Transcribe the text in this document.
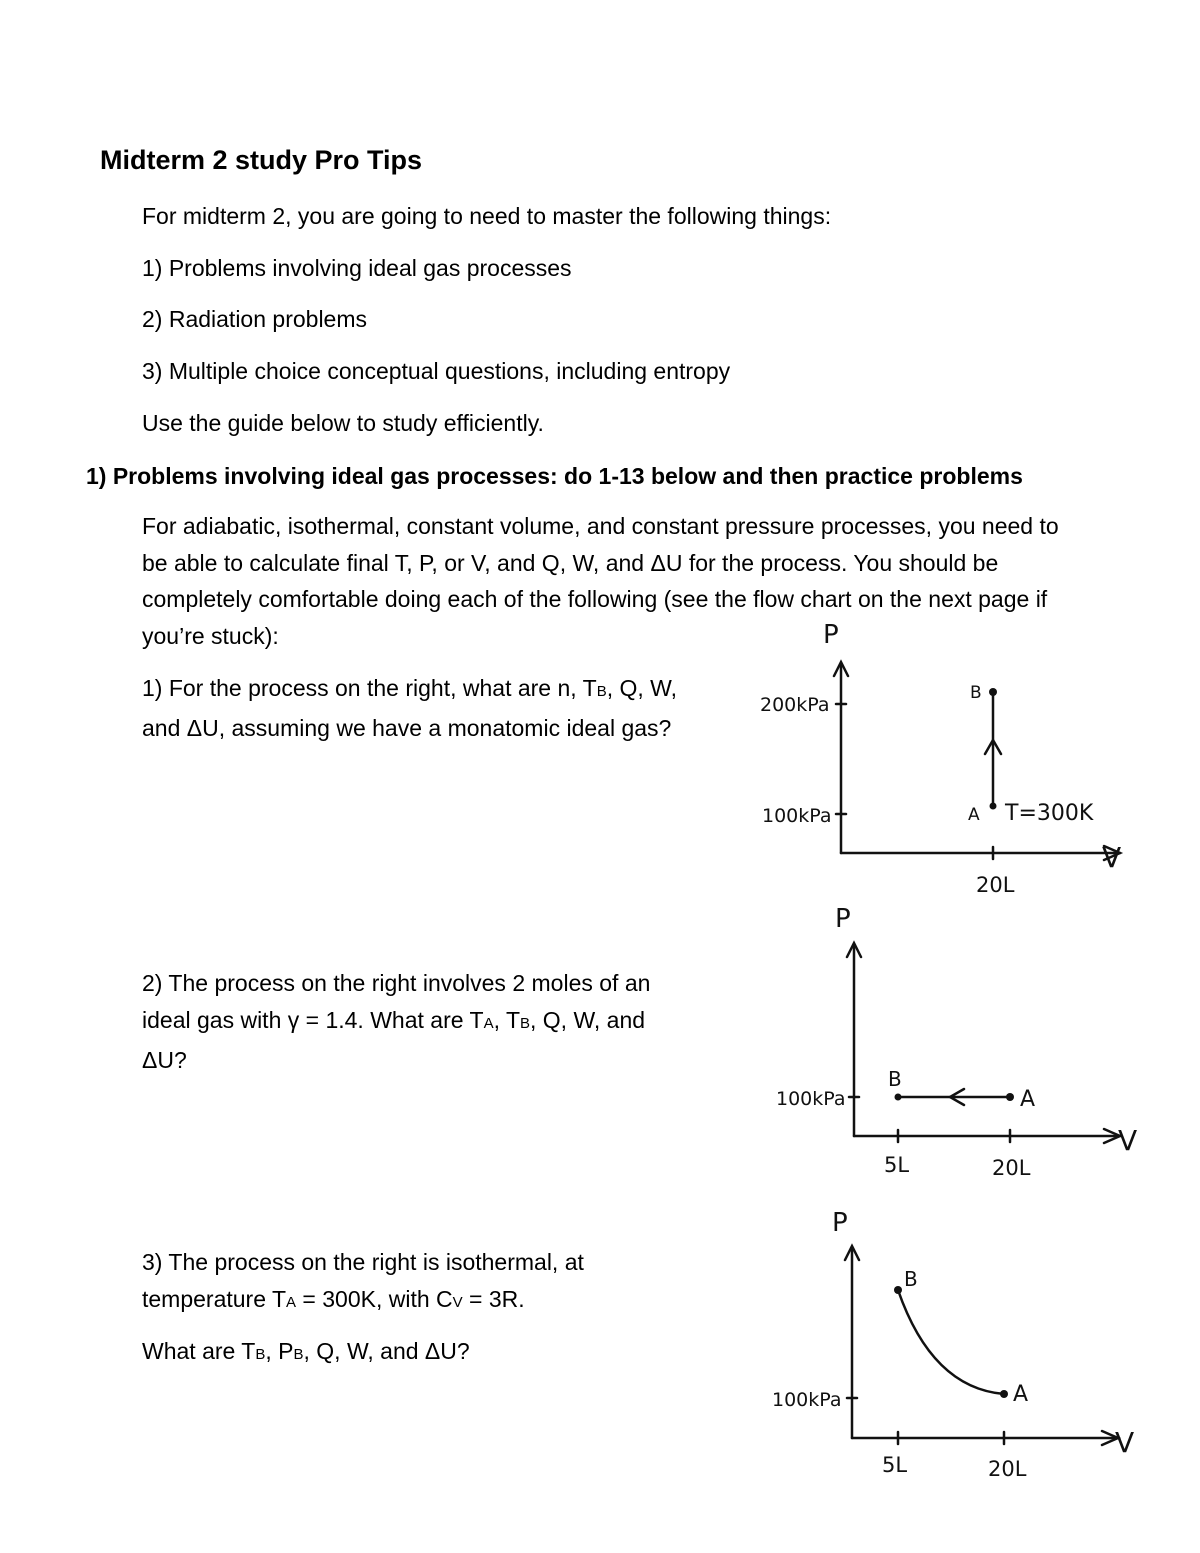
Midterm 2 study Pro Tips

For midterm 2, you are going to need to master the following things:

1) Problems involving ideal gas processes

2) Radiation problems

3) Multiple choice conceptual questions, including entropy

Use the guide below to study efficiently.

1) Problems involving ideal gas processes: do 1-13 below and then practice problems

For adiabatic, isothermal, constant volume, and constant pressure processes, you need to be able to calculate final T, P, or V, and Q, W, and ΔU for the process. You should be completely comfortable doing each of the following (see the flow chart on the next page if you’re stuck):

1) For the process on the right, what are n, TB, Q, W,
and ΔU, assuming we have a monatomic ideal gas?
2) The process on the right involves 2 moles of an
ideal gas with γ = 1.4. What are TA, TB, Q, W, and
ΔU?
3) The process on the right is isothermal, at
temperature TA = 300K, with CV = 3R.
What are TB, PB, Q, W, and ΔU?
P
V
200kPa
100kPa
20L
B
A T=300K
P
V
100kPa
5L	20L
B
A
P
V
100kPa
5L	20L
B
A
